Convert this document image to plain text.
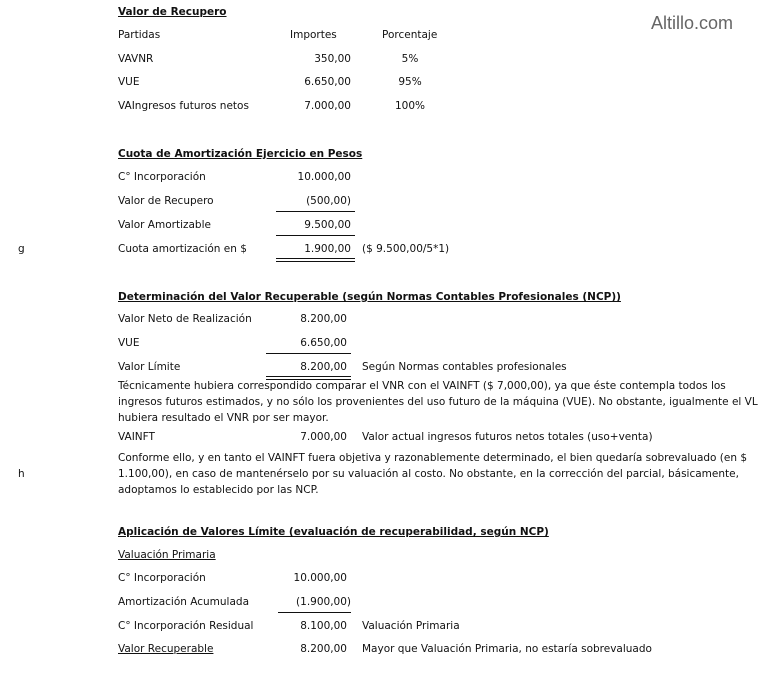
Altillo.com
Valor de Recupero
Partidas	Importes	Porcentaje
VAVNR	350,00	5%
VUE	6.650,00	95%
VAIngresos futuros netos	7.000,00	100%
Cuota de Amortización Ejercicio en Pesos
C° Incorporación	10.000,00
Valor de Recupero	(500,00)
Valor Amortizable	9.500,00
g	Cuota amortización en $	1.900,00 ($ 9.500,00/5*1)
Determinación del Valor Recuperable (según Normas Contables Profesionales (NCP))
Valor Neto de Realización	8.200,00
VUE	6.650,00
Valor Límite	8.200,00 Según Normas contables profesionales
Técnicamente hubiera correspondido comparar el VNR con el VAINFT ($ 7,000,00), ya que éste contempla todos los ingresos futuros estimados, y no sólo los provenientes del uso futuro de la máquina (VUE). No obstante, igualmente el VL hubiera resultado el VNR por ser mayor.
VAINFT	7.000,00 Valor actual ingresos futuros netos totales (uso+venta)
h
Conforme ello, y en tanto el VAINFT fuera objetiva y razonablemente determinado, el bien quedaría sobrevaluado (en $ 1.100,00), en caso de mantenérselo por su valuación al costo. No obstante, en la corrección del parcial, básicamente, adoptamos lo establecido por las NCP.
Aplicación de Valores Límite (evaluación de recuperabilidad, según NCP)
Valuación Primaria
C° Incorporación	10.000,00
Amortización Acumulada	(1.900,00)
C° Incorporación Residual	8.100,00 Valuación Primaria
Valor Recuperable	8.200,00 Mayor que Valuación Primaria, no estaría sobrevaluado
